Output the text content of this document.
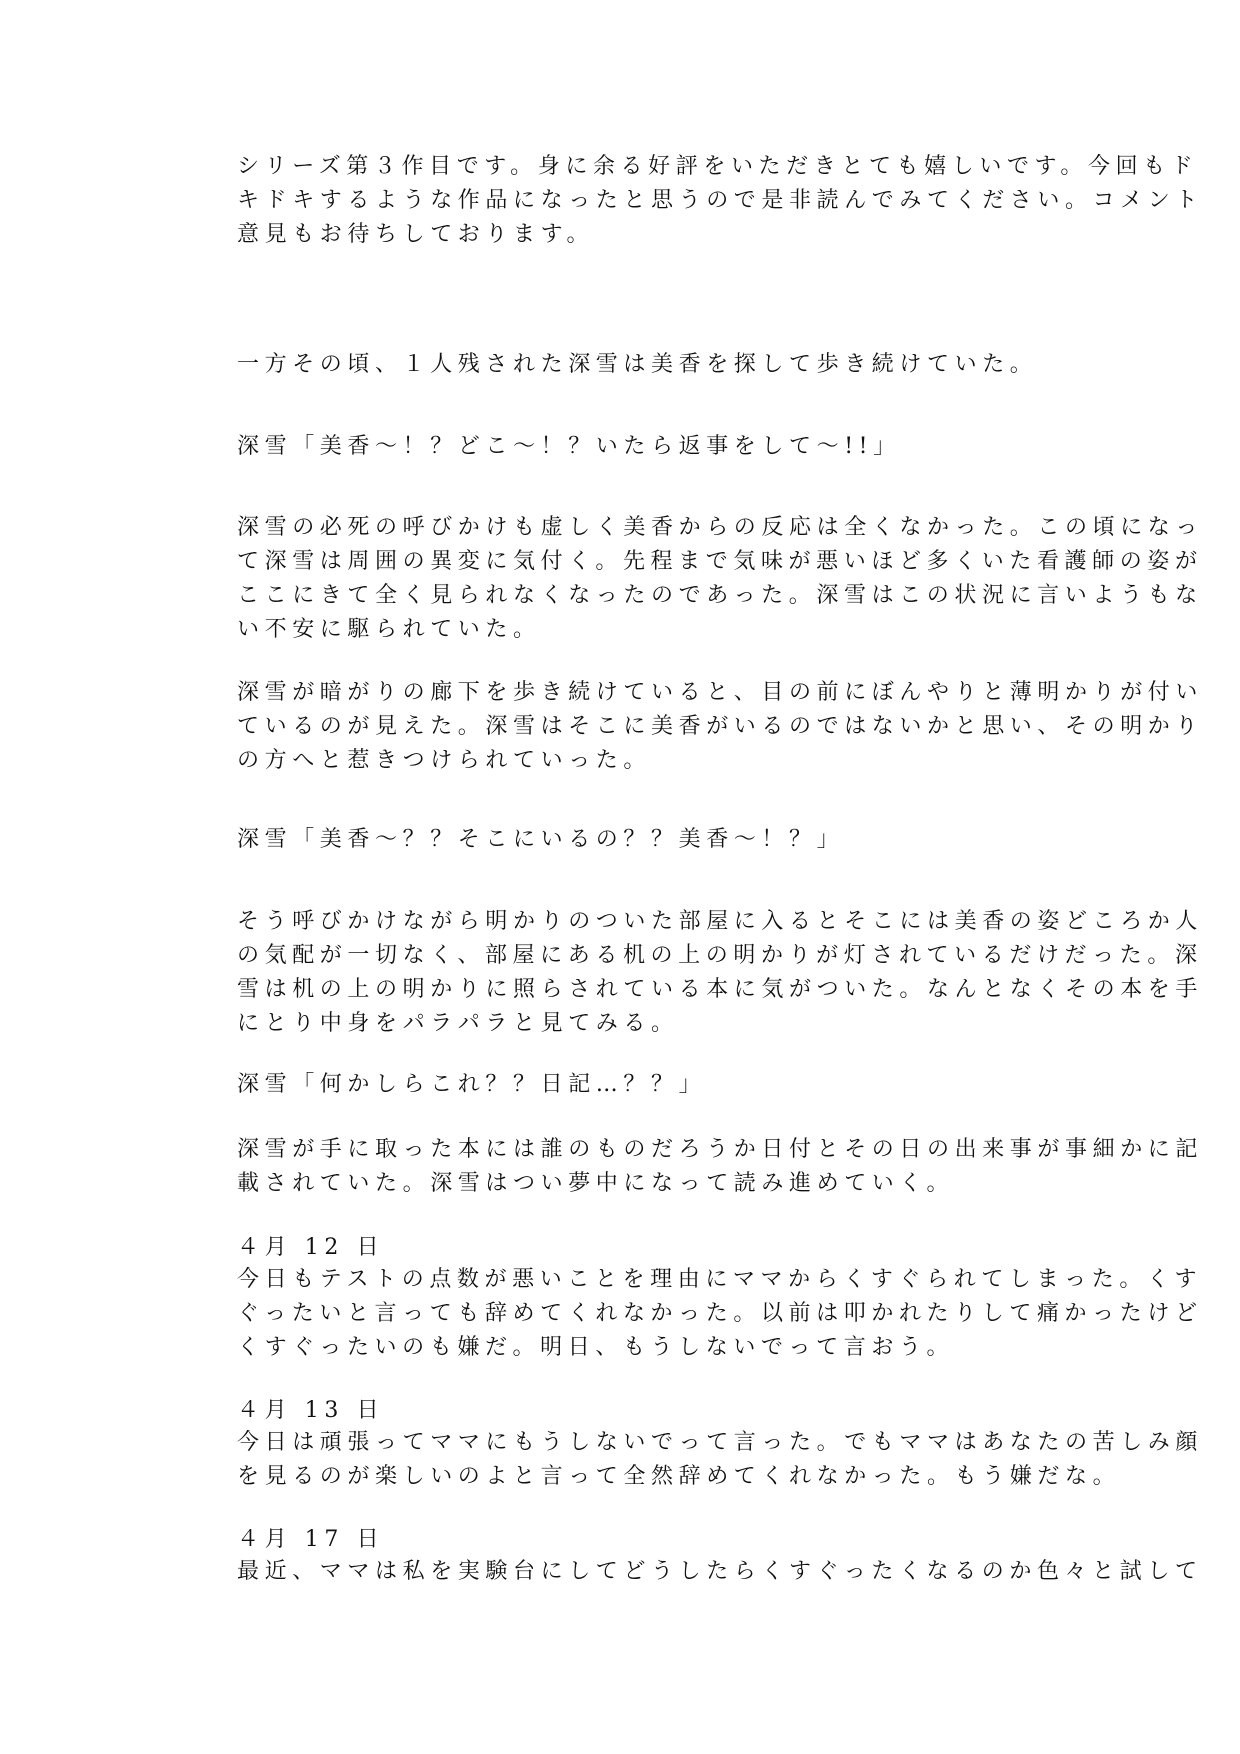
シリーズ第３作目です。身に余る好評をいただきとても嬉しいです。今回もド
キドキするような作品になったと思うので是非読んでみてください。コメント
意見もお待ちしております。
一方その頃、１人残された深雪は美香を探して歩き続けていた。
深雪「美香〜！？どこ〜！？いたら返事をして〜!!」
深雪の必死の呼びかけも虚しく美香からの反応は全くなかった。この頃になっ
て深雪は周囲の異変に気付く。先程まで気味が悪いほど多くいた看護師の姿が
ここにきて全く見られなくなったのであった。深雪はこの状況に言いようもな
い不安に駆られていた。
深雪が暗がりの廊下を歩き続けていると、目の前にぼんやりと薄明かりが付い
ているのが見えた。深雪はそこに美香がいるのではないかと思い、その明かり
の方へと惹きつけられていった。
深雪「美香〜？？そこにいるの？？美香〜！？」
そう呼びかけながら明かりのついた部屋に入るとそこには美香の姿どころか人
の気配が一切なく、部屋にある机の上の明かりが灯されているだけだった。深
雪は机の上の明かりに照らされている本に気がついた。なんとなくその本を手
にとり中身をパラパラと見てみる。
深雪「何かしらこれ？？日記…？？」
深雪が手に取った本には誰のものだろうか日付とその日の出来事が事細かに記
載されていた。深雪はつい夢中になって読み進めていく。
４月 12 日
今日もテストの点数が悪いことを理由にママからくすぐられてしまった。くす
ぐったいと言っても辞めてくれなかった。以前は叩かれたりして痛かったけど
くすぐったいのも嫌だ。明日、もうしないでって言おう。
４月 13 日
今日は頑張ってママにもうしないでって言った。でもママはあなたの苦しみ顔
を見るのが楽しいのよと言って全然辞めてくれなかった。もう嫌だな。
４月 17 日
最近、ママは私を実験台にしてどうしたらくすぐったくなるのか色々と試して
